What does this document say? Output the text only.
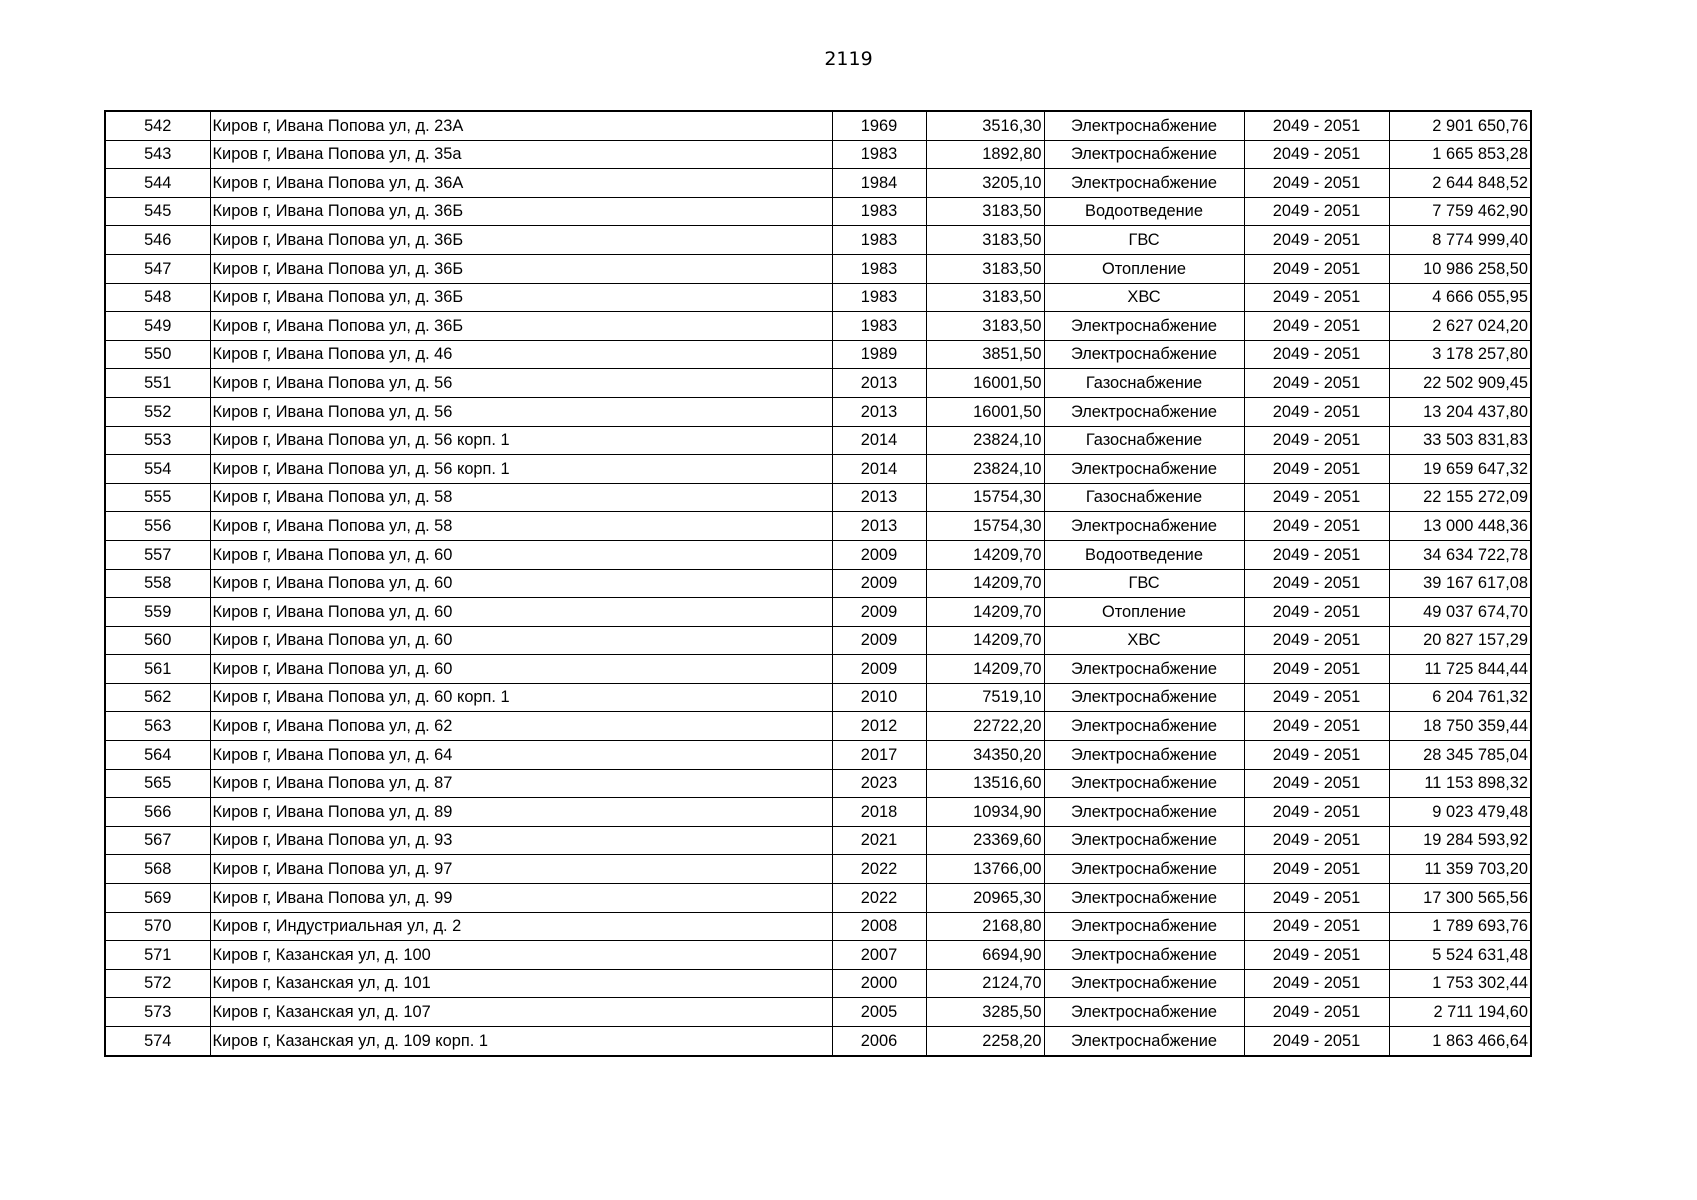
2119
542	Киров г, Ивана Попова ул, д. 23А	1969	3516,30	Электроснабжение	2049 - 2051	2 901 650,76
543	Киров г, Ивана Попова ул, д. 35а	1983	1892,80	Электроснабжение	2049 - 2051	1 665 853,28
544	Киров г, Ивана Попова ул, д. 36А	1984	3205,10	Электроснабжение	2049 - 2051	2 644 848,52
545	Киров г, Ивана Попова ул, д. 36Б	1983	3183,50	Водоотведение	2049 - 2051	7 759 462,90
546	Киров г, Ивана Попова ул, д. 36Б	1983	3183,50	ГВС	2049 - 2051	8 774 999,40
547	Киров г, Ивана Попова ул, д. 36Б	1983	3183,50	Отопление	2049 - 2051	10 986 258,50
548	Киров г, Ивана Попова ул, д. 36Б	1983	3183,50	ХВС	2049 - 2051	4 666 055,95
549	Киров г, Ивана Попова ул, д. 36Б	1983	3183,50	Электроснабжение	2049 - 2051	2 627 024,20
550	Киров г, Ивана Попова ул, д. 46	1989	3851,50	Электроснабжение	2049 - 2051	3 178 257,80
551	Киров г, Ивана Попова ул, д. 56	2013	16001,50	Газоснабжение	2049 - 2051	22 502 909,45
552	Киров г, Ивана Попова ул, д. 56	2013	16001,50	Электроснабжение	2049 - 2051	13 204 437,80
553	Киров г, Ивана Попова ул, д. 56 корп. 1	2014	23824,10	Газоснабжение	2049 - 2051	33 503 831,83
554	Киров г, Ивана Попова ул, д. 56 корп. 1	2014	23824,10	Электроснабжение	2049 - 2051	19 659 647,32
555	Киров г, Ивана Попова ул, д. 58	2013	15754,30	Газоснабжение	2049 - 2051	22 155 272,09
556	Киров г, Ивана Попова ул, д. 58	2013	15754,30	Электроснабжение	2049 - 2051	13 000 448,36
557	Киров г, Ивана Попова ул, д. 60	2009	14209,70	Водоотведение	2049 - 2051	34 634 722,78
558	Киров г, Ивана Попова ул, д. 60	2009	14209,70	ГВС	2049 - 2051	39 167 617,08
559	Киров г, Ивана Попова ул, д. 60	2009	14209,70	Отопление	2049 - 2051	49 037 674,70
560	Киров г, Ивана Попова ул, д. 60	2009	14209,70	ХВС	2049 - 2051	20 827 157,29
561	Киров г, Ивана Попова ул, д. 60	2009	14209,70	Электроснабжение	2049 - 2051	11 725 844,44
562	Киров г, Ивана Попова ул, д. 60 корп. 1	2010	7519,10	Электроснабжение	2049 - 2051	6 204 761,32
563	Киров г, Ивана Попова ул, д. 62	2012	22722,20	Электроснабжение	2049 - 2051	18 750 359,44
564	Киров г, Ивана Попова ул, д. 64	2017	34350,20	Электроснабжение	2049 - 2051	28 345 785,04
565	Киров г, Ивана Попова ул, д. 87	2023	13516,60	Электроснабжение	2049 - 2051	11 153 898,32
566	Киров г, Ивана Попова ул, д. 89	2018	10934,90	Электроснабжение	2049 - 2051	9 023 479,48
567	Киров г, Ивана Попова ул, д. 93	2021	23369,60	Электроснабжение	2049 - 2051	19 284 593,92
568	Киров г, Ивана Попова ул, д. 97	2022	13766,00	Электроснабжение	2049 - 2051	11 359 703,20
569	Киров г, Ивана Попова ул, д. 99	2022	20965,30	Электроснабжение	2049 - 2051	17 300 565,56
570	Киров г, Индустриальная ул, д. 2	2008	2168,80	Электроснабжение	2049 - 2051	1 789 693,76
571	Киров г, Казанская ул, д. 100	2007	6694,90	Электроснабжение	2049 - 2051	5 524 631,48
572	Киров г, Казанская ул, д. 101	2000	2124,70	Электроснабжение	2049 - 2051	1 753 302,44
573	Киров г, Казанская ул, д. 107	2005	3285,50	Электроснабжение	2049 - 2051	2 711 194,60
574	Киров г, Казанская ул, д. 109 корп. 1	2006	2258,20	Электроснабжение	2049 - 2051	1 863 466,64
